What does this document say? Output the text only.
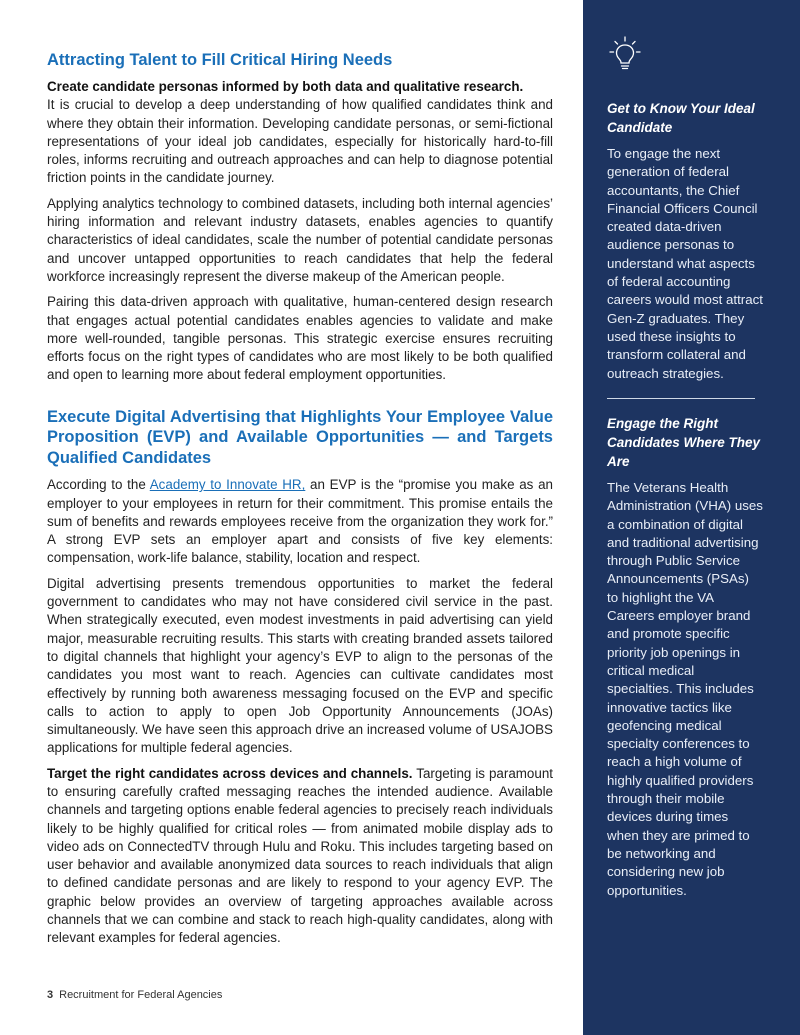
Attracting Talent to Fill Critical Hiring Needs

Create candidate personas informed by both data and qualitative research.
It is crucial to develop a deep understanding of how qualified candidates think and where they obtain their information. Developing candidate personas, or semi-fictional representations of your ideal job candidates, especially for historically hard-to-fill roles, informs recruiting and outreach approaches and can help to diagnose potential friction points in the candidate journey.

Applying analytics technology to combined datasets, including both internal agencies’ hiring information and relevant industry datasets, enables agencies to quantify characteristics of ideal candidates, scale the number of potential candidate personas and uncover untapped opportunities to reach candidates that help the federal workforce increasingly represent the diverse makeup of the American people.

Pairing this data-driven approach with qualitative, human-centered design research that engages actual potential candidates enables agencies to validate and make more well-rounded, tangible personas. This strategic exercise ensures recruiting efforts focus on the right types of candidates who are most likely to be both qualified and open to learning more about federal employment opportunities.

Execute Digital Advertising that Highlights Your Employee Value Proposition (EVP) and Available Opportunities — and Targets Qualified Candidates

According to the Academy to Innovate HR, an EVP is the “promise you make as an employer to your employees in return for their commitment. This promise entails the sum of benefits and rewards employees receive from the organization they work for.” A strong EVP sets an employer apart and consists of five key elements: compensation, work-life balance, stability, location and respect.

Digital advertising presents tremendous opportunities to market the federal government to candidates who may not have considered civil service in the past. When strategically executed, even modest investments in paid advertising can yield major, measurable recruiting results. This starts with creating branded assets tailored to digital channels that highlight your agency’s EVP to align to the personas of the candidates you most want to reach. Agencies can cultivate candidates most effectively by running both awareness messaging focused on the EVP and specific calls to action to apply to open Job Opportunity Announcements (JOAs) simultaneously. We have seen this approach drive an increased volume of USAJOBS applications for multiple federal agencies.

Target the right candidates across devices and channels. Targeting is paramount to ensuring carefully crafted messaging reaches the intended audience. Available channels and targeting options enable federal agencies to precisely reach individuals likely to be highly qualified for critical roles — from animated mobile display ads to video ads on ConnectedTV through Hulu and Roku. This includes targeting based on user behavior and available anonymized data sources to reach individuals that align to defined candidate personas and are likely to respond to your agency EVP. The graphic below provides an overview of targeting approaches available across channels that we can combine and stack to reach high-quality candidates, along with relevant examples for federal agencies.

3 Recruitment for Federal Agencies
Get to Know Your Ideal Candidate

To engage the next generation of federal accountants, the Chief Financial Officers Council created data-driven audience personas to understand what aspects of federal accounting careers would most attract Gen-Z graduates. They used these insights to transform collateral and outreach strategies.

Engage the Right Candidates Where They Are

The Veterans Health Administration (VHA) uses a combination of digital and traditional advertising through Public Service Announcements (PSAs) to highlight the VA Careers employer brand and promote specific priority job openings in critical medical specialties. This includes innovative tactics like geofencing medical specialty conferences to reach a high volume of highly qualified providers through their mobile devices during times when they are primed to be networking and considering new job opportunities.
